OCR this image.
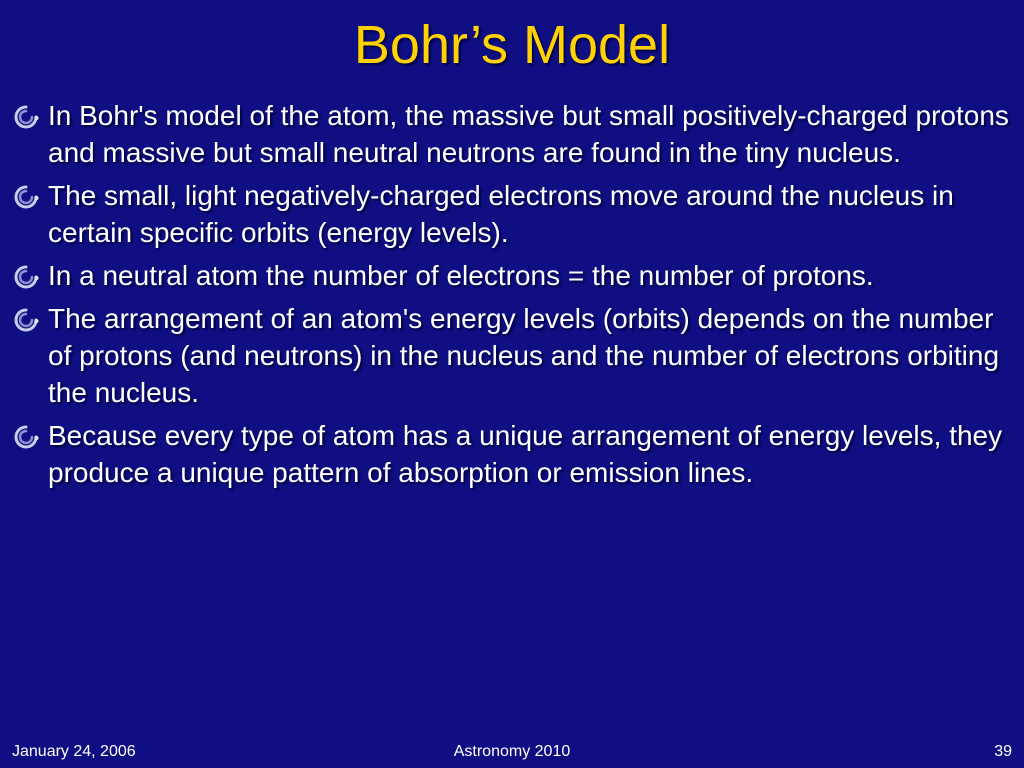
Bohr’s Model
In Bohr's model of the atom, the massive but small positively-charged protons and massive but small neutral neutrons are found in the tiny nucleus.
The small, light negatively-charged electrons move around the nucleus in certain specific orbits (energy levels).
In a neutral atom the number of electrons = the number of protons.
The arrangement of an atom's energy levels (orbits) depends on the number of protons (and neutrons) in the nucleus and the number of electrons orbiting the nucleus.
Because every type of atom has a unique arrangement of energy levels, they produce a unique pattern of absorption or emission lines.
January 24, 2006	Astronomy 2010	39
